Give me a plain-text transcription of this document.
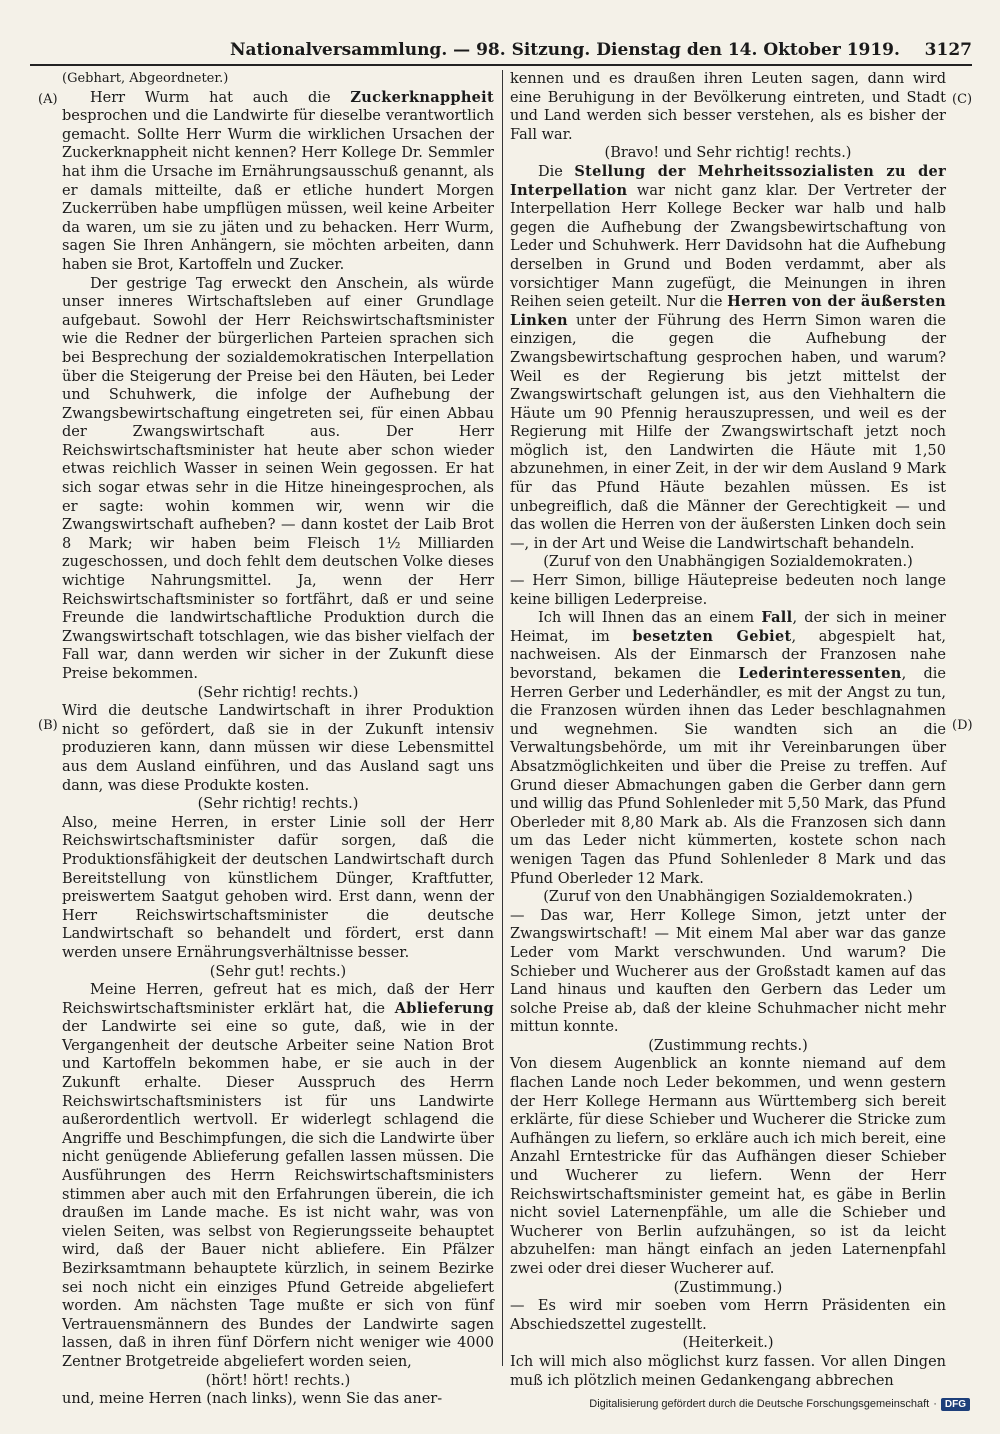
Nationalversammlung. — 98. Sitzung. Dienstag den 14. Oktober 1919. 3127
(A)
(B)
(C)
(D)

(Gebhart, Abgeordneter.)

Herr Wurm hat auch die Zuckerknappheit besprochen und die Landwirte für dieselbe verantwortlich gemacht. Sollte Herr Wurm die wirklichen Ursachen der Zuckerknappheit nicht kennen? Herr Kollege Dr. Semmler hat ihm die Ursache im Ernährungsausschuß genannt, als er damals mitteilte, daß er etliche hundert Morgen Zuckerrüben habe umpflügen müssen, weil keine Arbeiter da waren, um sie zu jäten und zu behacken. Herr Wurm, sagen Sie Ihren Anhängern, sie möchten arbeiten, dann haben sie Brot, Kartoffeln und Zucker.

Der gestrige Tag erweckt den Anschein, als würde unser inneres Wirtschaftsleben auf einer Grundlage aufgebaut. Sowohl der Herr Reichswirtschaftsminister wie die Redner der bürgerlichen Parteien sprachen sich bei Besprechung der sozialdemokratischen Interpellation über die Steigerung der Preise bei den Häuten, bei Leder und Schuhwerk, die infolge der Aufhebung der Zwangsbewirtschaftung eingetreten sei, für einen Abbau der Zwangswirtschaft aus. Der Herr Reichswirtschaftsminister hat heute aber schon wieder etwas reichlich Wasser in seinen Wein gegossen. Er hat sich sogar etwas sehr in die Hitze hineingesprochen, als er sagte: wohin kommen wir, wenn wir die Zwangswirtschaft aufheben? — dann kostet der Laib Brot 8 Mark; wir haben beim Fleisch 1½ Milliarden zugeschossen, und doch fehlt dem deutschen Volke dieses wichtige Nahrungsmittel. Ja, wenn der Herr Reichswirtschaftsminister so fortfährt, daß er und seine Freunde die landwirtschaftliche Produktion durch die Zwangswirtschaft totschlagen, wie das bisher vielfach der Fall war, dann werden wir sicher in der Zukunft diese Preise bekommen.

(Sehr richtig! rechts.)

Wird die deutsche Landwirtschaft in ihrer Produktion nicht so gefördert, daß sie in der Zukunft intensiv produzieren kann, dann müssen wir diese Lebensmittel aus dem Ausland einführen, und das Ausland sagt uns dann, was diese Produkte kosten.

(Sehr richtig! rechts.)

Also, meine Herren, in erster Linie soll der Herr Reichswirtschaftsminister dafür sorgen, daß die Produktionsfähigkeit der deutschen Landwirtschaft durch Bereitstellung von künstlichem Dünger, Kraftfutter, preiswertem Saatgut gehoben wird. Erst dann, wenn der Herr Reichswirtschaftsminister die deutsche Landwirtschaft so behandelt und fördert, erst dann werden unsere Ernährungsverhältnisse besser.

(Sehr gut! rechts.)

Meine Herren, gefreut hat es mich, daß der Herr Reichswirtschaftsminister erklärt hat, die Ablieferung der Landwirte sei eine so gute, daß, wie in der Vergangenheit der deutsche Arbeiter seine Nation Brot und Kartoffeln bekommen habe, er sie auch in der Zukunft erhalte. Dieser Ausspruch des Herrn Reichswirtschaftsministers ist für uns Landwirte außerordentlich wertvoll. Er widerlegt schlagend die Angriffe und Beschimpfungen, die sich die Landwirte über nicht genügende Ablieferung gefallen lassen müssen. Die Ausführungen des Herrn Reichswirtschaftsministers stimmen aber auch mit den Erfahrungen überein, die ich draußen im Lande mache. Es ist nicht wahr, was von vielen Seiten, was selbst von Regierungsseite behauptet wird, daß der Bauer nicht abliefere. Ein Pfälzer Bezirksamtmann behauptete kürzlich, in seinem Bezirke sei noch nicht ein einziges Pfund Getreide abgeliefert worden. Am nächsten Tage mußte er sich von fünf Vertrauensmännern des Bundes der Landwirte sagen lassen, daß in ihren fünf Dörfern nicht weniger wie 4000 Zentner Brotgetreide abgeliefert worden seien,

(hört! hört! rechts.)

und, meine Herren (nach links), wenn Sie das aner-

kennen und es draußen ihren Leuten sagen, dann wird eine Beruhigung in der Bevölkerung eintreten, und Stadt und Land werden sich besser verstehen, als es bisher der Fall war.

(Bravo! und Sehr richtig! rechts.)

Die Stellung der Mehrheitssozialisten zu der Interpellation war nicht ganz klar. Der Vertreter der Interpellation Herr Kollege Becker war halb und halb gegen die Aufhebung der Zwangsbewirtschaftung von Leder und Schuhwerk. Herr Davidsohn hat die Aufhebung derselben in Grund und Boden verdammt, aber als vorsichtiger Mann zugefügt, die Meinungen in ihren Reihen seien geteilt. Nur die Herren von der äußersten Linken unter der Führung des Herrn Simon waren die einzigen, die gegen die Aufhebung der Zwangsbewirtschaftung gesprochen haben, und warum? Weil es der Regierung bis jetzt mittelst der Zwangswirtschaft gelungen ist, aus den Viehhaltern die Häute um 90 Pfennig herauszupressen, und weil es der Regierung mit Hilfe der Zwangswirtschaft jetzt noch möglich ist, den Landwirten die Häute mit 1,50 abzunehmen, in einer Zeit, in der wir dem Ausland 9 Mark für das Pfund Häute bezahlen müssen. Es ist unbegreiflich, daß die Männer der Gerechtigkeit — und das wollen die Herren von der äußersten Linken doch sein —, in der Art und Weise die Landwirtschaft behandeln.

(Zuruf von den Unabhängigen Sozialdemokraten.)

— Herr Simon, billige Häutepreise bedeuten noch lange keine billigen Lederpreise.

Ich will Ihnen das an einem Fall, der sich in meiner Heimat, im besetzten Gebiet, abgespielt hat, nachweisen. Als der Einmarsch der Franzosen nahe bevorstand, bekamen die Lederinteressenten, die Herren Gerber und Lederhändler, es mit der Angst zu tun, die Franzosen würden ihnen das Leder beschlagnahmen und wegnehmen. Sie wandten sich an die Verwaltungsbehörde, um mit ihr Vereinbarungen über Absatzmöglichkeiten und über die Preise zu treffen. Auf Grund dieser Abmachungen gaben die Gerber dann gern und willig das Pfund Sohlenleder mit 5,50 Mark, das Pfund Oberleder mit 8,80 Mark ab. Als die Franzosen sich dann um das Leder nicht kümmerten, kostete schon nach wenigen Tagen das Pfund Sohlenleder 8 Mark und das Pfund Oberleder 12 Mark.

(Zuruf von den Unabhängigen Sozialdemokraten.)

— Das war, Herr Kollege Simon, jetzt unter der Zwangswirtschaft! — Mit einem Mal aber war das ganze Leder vom Markt verschwunden. Und warum? Die Schieber und Wucherer aus der Großstadt kamen auf das Land hinaus und kauften den Gerbern das Leder um solche Preise ab, daß der kleine Schuhmacher nicht mehr mittun konnte.

(Zustimmung rechts.)

Von diesem Augenblick an konnte niemand auf dem flachen Lande noch Leder bekommen, und wenn gestern der Herr Kollege Hermann aus Württemberg sich bereit erklärte, für diese Schieber und Wucherer die Stricke zum Aufhängen zu liefern, so erkläre auch ich mich bereit, eine Anzahl Erntestricke für das Aufhängen dieser Schieber und Wucherer zu liefern. Wenn der Herr Reichswirtschaftsminister gemeint hat, es gäbe in Berlin nicht soviel Laternenpfähle, um alle die Schieber und Wucherer von Berlin aufzuhängen, so ist da leicht abzuhelfen: man hängt einfach an jeden Laternenpfahl zwei oder drei dieser Wucherer auf.

(Zustimmung.)

— Es wird mir soeben vom Herrn Präsidenten ein Abschiedszettel zugestellt.

(Heiterkeit.)

Ich will mich also möglichst kurz fassen. Vor allen Dingen muß ich plötzlich meinen Gedankengang abbrechen

Digitalisierung gefördert durch die Deutsche Forschungsgemeinschaft · DFG
